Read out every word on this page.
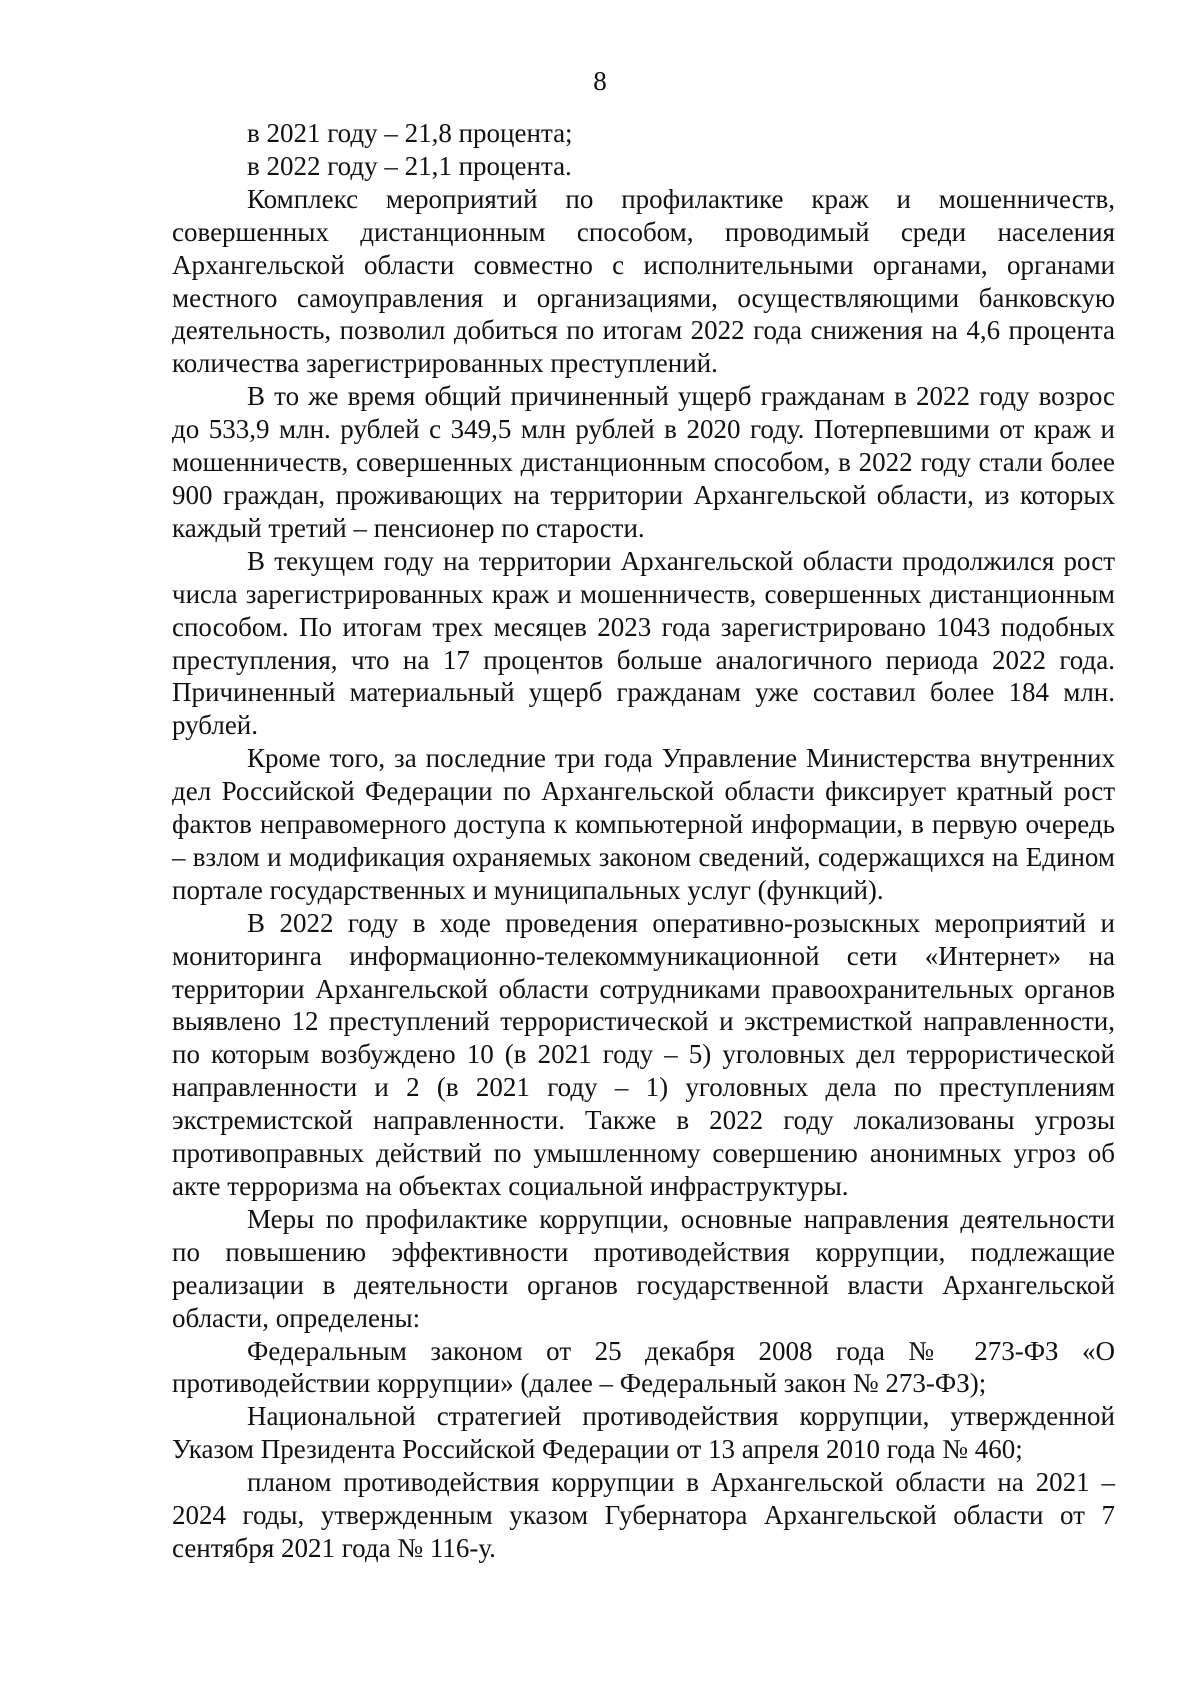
8

в 2021 году – 21,8 процента;

в 2022 году – 21,1 процента.

Комплекс мероприятий по профилактике краж и мошенничеств, совершенных дистанционным способом, проводимый среди населения Архангельской области совместно с исполнительными органами, органами местного самоуправления и организациями, осуществляющими банковскую деятельность, позволил добиться по итогам 2022 года снижения на 4,6 процента количества зарегистрированных преступлений.

В то же время общий причиненный ущерб гражданам в 2022 году возрос до 533,9 млн. рублей с 349,5 млн рублей в 2020 году. Потерпевшими от краж и мошенничеств, совершенных дистанционным способом, в 2022 году стали более 900 граждан, проживающих на территории Архангельской области, из которых каждый третий – пенсионер по старости.

В текущем году на территории Архангельской области продолжился рост числа зарегистрированных краж и мошенничеств, совершенных дистанционным способом. По итогам трех месяцев 2023 года зарегистрировано 1043 подобных преступления, что на 17 процентов больше аналогичного периода 2022 года. Причиненный материальный ущерб гражданам уже составил более 184 млн. рублей.

Кроме того, за последние три года Управление Министерства внутренних дел Российской Федерации по Архангельской области фиксирует кратный рост фактов неправомерного доступа к компьютерной информации, в первую очередь – взлом и модификация охраняемых законом сведений, содержащихся на Едином портале государственных и муниципальных услуг (функций).

В 2022 году в ходе проведения оперативно-розыскных мероприятий и мониторинга информационно-телекоммуникационной сети «Интернет» на территории Архангельской области сотрудниками правоохранительных органов выявлено 12 преступлений террористической и экстремисткой направленности, по которым возбуждено 10 (в 2021 году – 5) уголовных дел террористической направленности и 2 (в 2021 году – 1) уголовных дела по преступлениям экстремистской направленности. Также в 2022 году локализованы угрозы противоправных действий по умышленному совершению анонимных угроз об акте терроризма на объектах социальной инфраструктуры.

Меры по профилактике коррупции, основные направления деятельности по повышению эффективности противодействия коррупции, подлежащие реализации в деятельности органов государственной власти Архангельской области, определены:

Федеральным законом от 25 декабря 2008 года № 273-ФЗ «О противодействии коррупции» (далее – Федеральный закон № 273-ФЗ);

Национальной стратегией противодействия коррупции, утвержденной Указом Президента Российской Федерации от 13 апреля 2010 года № 460;

планом противодействия коррупции в Архангельской области на 2021 – 2024 годы, утвержденным указом Губернатора Архангельской области от 7 сентября 2021 года № 116-у.
